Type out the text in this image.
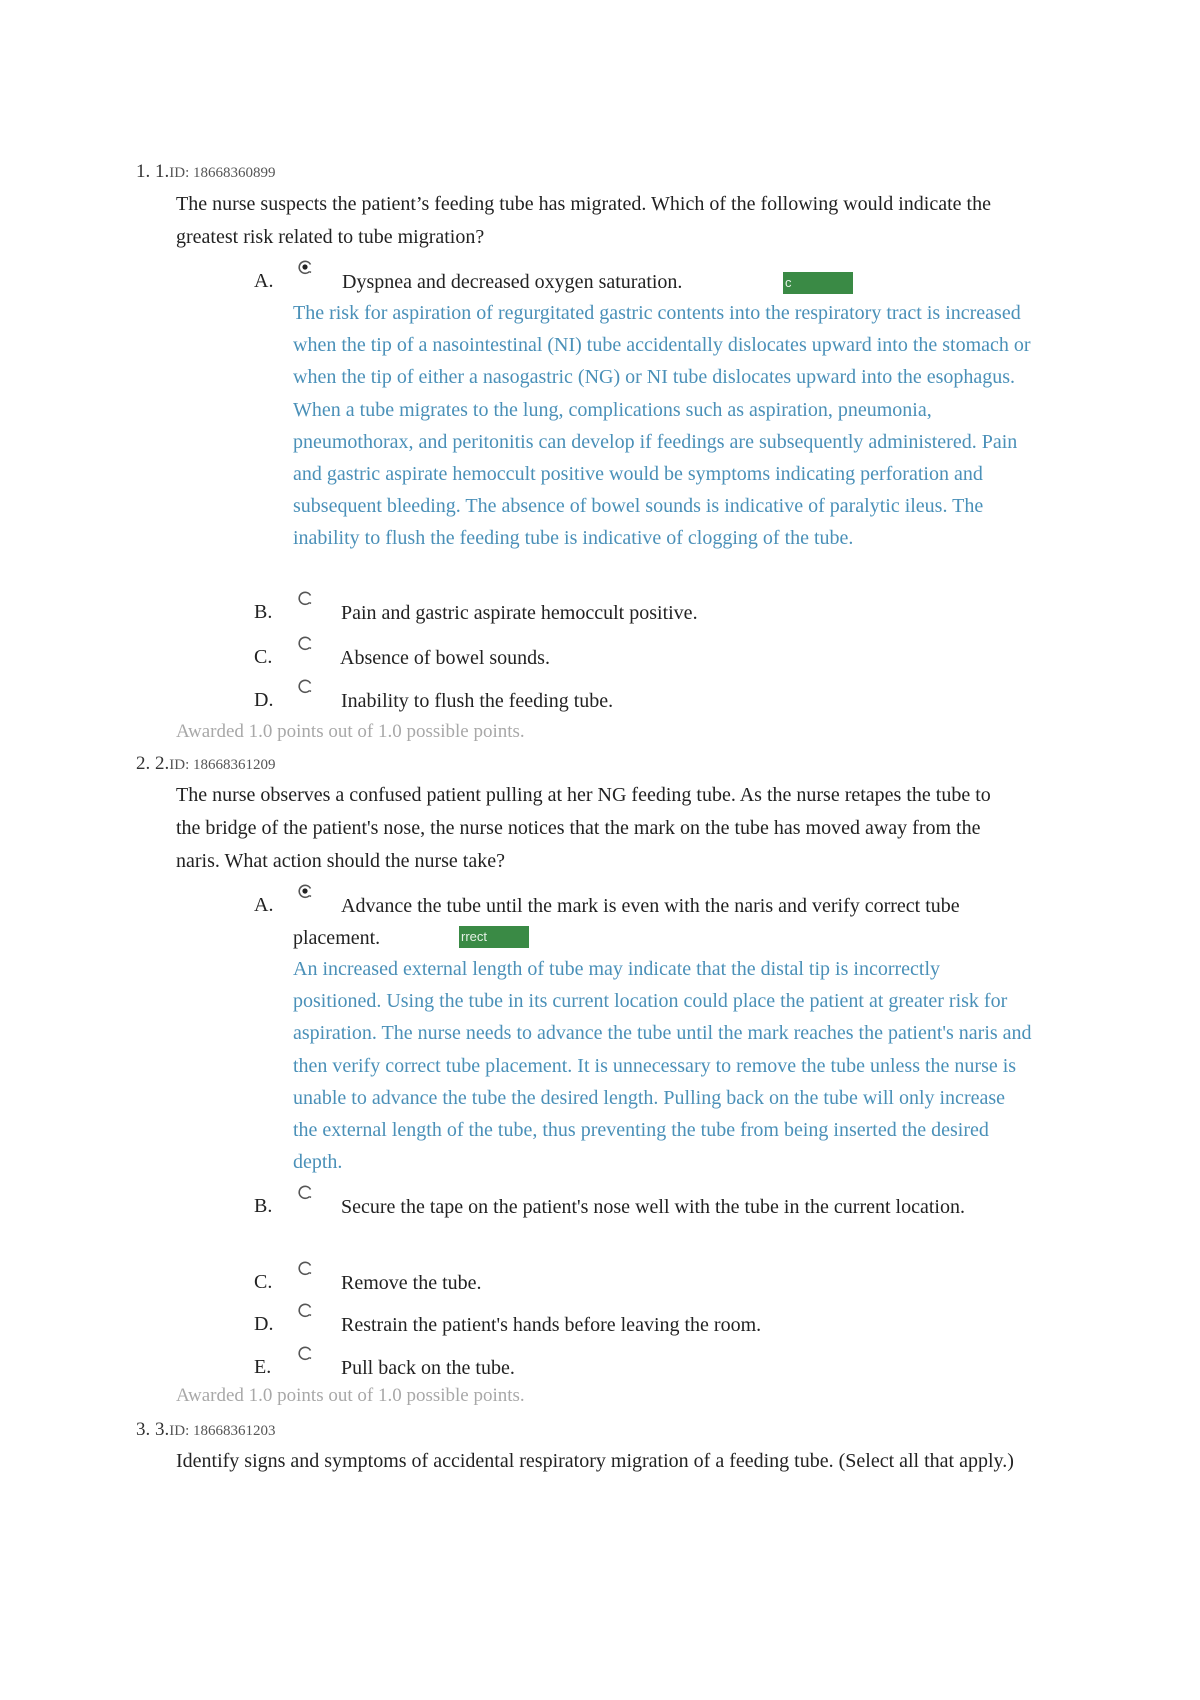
1. 1.ID: 18668360899
The nurse suspects the patient’s feeding tube has migrated. Which of the following would indicate the greatest risk related to tube migration?
A.	Dyspnea and decreased oxygen saturation.	c
The risk for aspiration of regurgitated gastric contents into the respiratory tract is increased when the tip of a nasointestinal (NI) tube accidentally dislocates upward into the stomach or when the tip of either a nasogastric (NG) or NI tube dislocates upward into the esophagus. When a tube migrates to the lung, complications such as aspiration, pneumonia, pneumothorax, and peritonitis can develop if feedings are subsequently administered. Pain and gastric aspirate hemoccult positive would be symptoms indicating perforation and subsequent bleeding. The absence of bowel sounds is indicative of paralytic ileus. The inability to flush the feeding tube is indicative of clogging of the tube.
B.	Pain and gastric aspirate hemoccult positive.
C.	Absence of bowel sounds.
D.	Inability to flush the feeding tube.
Awarded 1.0 points out of 1.0 possible points.
2. 2.ID: 18668361209
The nurse observes a confused patient pulling at her NG feeding tube. As the nurse retapes the tube to the bridge of the patient's nose, the nurse notices that the mark on the tube has moved away from the naris. What action should the nurse take?
A.	Advance the tube until the mark is even with the naris and verify correct tube placement.	rrect
An increased external length of tube may indicate that the distal tip is incorrectly positioned. Using the tube in its current location could place the patient at greater risk for aspiration. The nurse needs to advance the tube until the mark reaches the patient's naris and then verify correct tube placement. It is unnecessary to remove the tube unless the nurse is unable to advance the tube the desired length. Pulling back on the tube will only increase the external length of the tube, thus preventing the tube from being inserted the desired depth.
B.	Secure the tape on the patient's nose well with the tube in the current location.
C.	Remove the tube.
D.	Restrain the patient's hands before leaving the room.
E.	Pull back on the tube.
Awarded 1.0 points out of 1.0 possible points.
3. 3.ID: 18668361203
Identify signs and symptoms of accidental respiratory migration of a feeding tube. (Select all that apply.)
